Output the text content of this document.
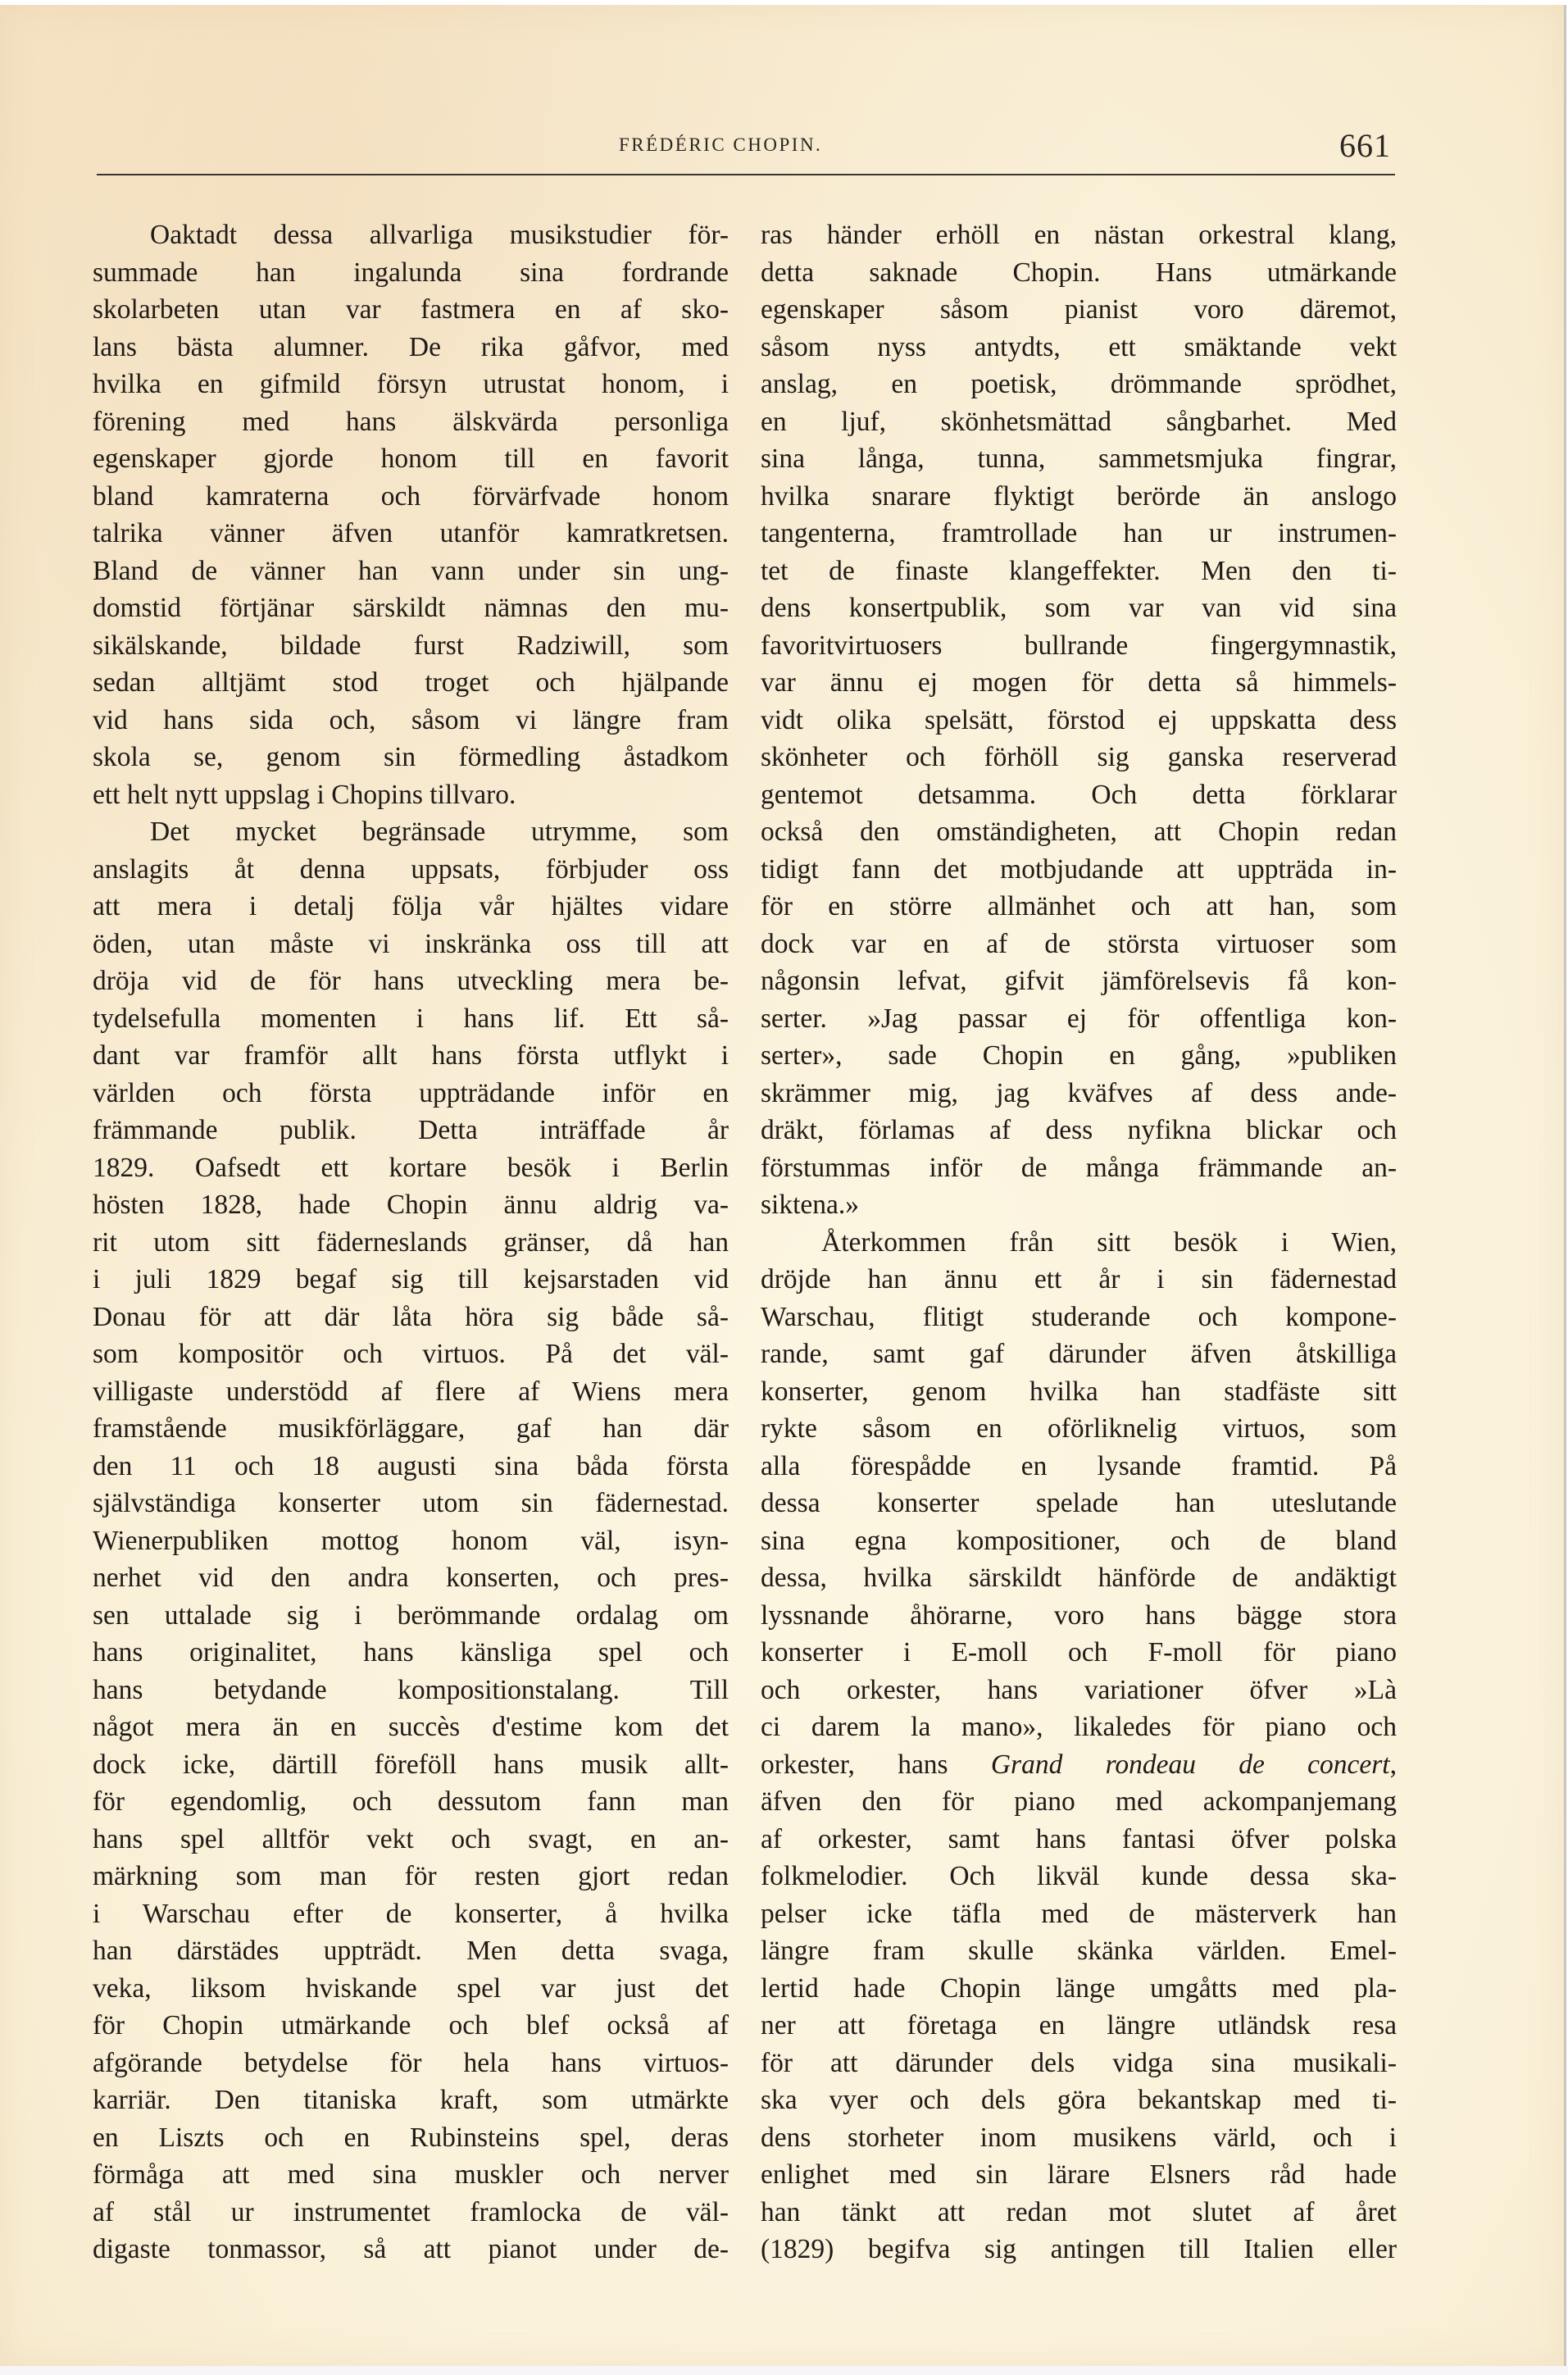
FRÉDÉRIC CHOPIN.	661
Oaktadt dessa allvarliga musikstudier för-
summade han ingalunda sina fordrande
skolarbeten utan var fastmera en af sko-
lans bästa alumner. De rika gåfvor, med
hvilka en gifmild försyn utrustat honom, i
förening med hans älskvärda personliga
egenskaper gjorde honom till en favorit
bland kamraterna och förvärfvade honom
talrika vänner äfven utanför kamratkretsen.
Bland de vänner han vann under sin ung-
domstid förtjänar särskildt nämnas den mu-
sikälskande, bildade furst Radziwill, som
sedan alltjämt stod troget och hjälpande
vid hans sida och, såsom vi längre fram
skola se, genom sin förmedling åstadkom
ett helt nytt uppslag i Chopins tillvaro.
Det mycket begränsade utrymme, som
anslagits åt denna uppsats, förbjuder oss
att mera i detalj följa vår hjältes vidare
öden, utan måste vi inskränka oss till att
dröja vid de för hans utveckling mera be-
tydelsefulla momenten i hans lif. Ett så-
dant var framför allt hans första utflykt i
världen och första uppträdande inför en
främmande publik. Detta inträffade år
1829. Oafsedt ett kortare besök i Berlin
hösten 1828, hade Chopin ännu aldrig va-
rit utom sitt fäderneslands gränser, då han
i juli 1829 begaf sig till kejsarstaden vid
Donau för att där låta höra sig både så-
som kompositör och virtuos. På det väl-
villigaste understödd af flere af Wiens mera
framstående musikförläggare, gaf han där
den 11 och 18 augusti sina båda första
självständiga konserter utom sin fädernestad.
Wienerpubliken mottog honom väl, isyn-
nerhet vid den andra konserten, och pres-
sen uttalade sig i berömmande ordalag om
hans originalitet, hans känsliga spel och
hans betydande kompositionstalang. Till
något mera än en succès d'estime kom det
dock icke, därtill föreföll hans musik allt-
för egendomlig, och dessutom fann man
hans spel alltför vekt och svagt, en an-
märkning som man för resten gjort redan
i Warschau efter de konserter, å hvilka
han därstädes uppträdt. Men detta svaga,
veka, liksom hviskande spel var just det
för Chopin utmärkande och blef också af
afgörande betydelse för hela hans virtuos-
karriär. Den titaniska kraft, som utmärkte
en Liszts och en Rubinsteins spel, deras
förmåga att med sina muskler och nerver
af stål ur instrumentet framlocka de väl-
digaste tonmassor, så att pianot under de-
ras händer erhöll en nästan orkestral klang,
detta saknade Chopin. Hans utmärkande
egenskaper såsom pianist voro däremot,
såsom nyss antydts, ett smäktande vekt
anslag, en poetisk, drömmande sprödhet,
en ljuf, skönhetsmättad sångbarhet. Med
sina långa, tunna, sammetsmjuka fingrar,
hvilka snarare flyktigt berörde än anslogo
tangenterna, framtrollade han ur instrumen-
tet de finaste klangeffekter. Men den ti-
dens konsertpublik, som var van vid sina
favoritvirtuosers bullrande fingergymnastik,
var ännu ej mogen för detta så himmels-
vidt olika spelsätt, förstod ej uppskatta dess
skönheter och förhöll sig ganska reserverad
gentemot detsamma. Och detta förklarar
också den omständigheten, att Chopin redan
tidigt fann det motbjudande att uppträda in-
för en större allmänhet och att han, som
dock var en af de största virtuoser som
någonsin lefvat, gifvit jämförelsevis få kon-
serter. »Jag passar ej för offentliga kon-
serter», sade Chopin en gång, »publiken
skrämmer mig, jag kväfves af dess ande-
dräkt, förlamas af dess nyfikna blickar och
förstummas inför de många främmande an-
siktena.»
Återkommen från sitt besök i Wien,
dröjde han ännu ett år i sin fädernestad
Warschau, flitigt studerande och kompone-
rande, samt gaf därunder äfven åtskilliga
konserter, genom hvilka han stadfäste sitt
rykte såsom en oförliknelig virtuos, som
alla förespådde en lysande framtid. På
dessa konserter spelade han uteslutande
sina egna kompositioner, och de bland
dessa, hvilka särskildt hänförde de andäktigt
lyssnande åhörarne, voro hans bägge stora
konserter i E-moll och F-moll för piano
och orkester, hans variationer öfver »Là
ci darem la mano», likaledes för piano och
orkester, hans Grand rondeau de concert,
äfven den för piano med ackompanjemang
af orkester, samt hans fantasi öfver polska
folkmelodier. Och likväl kunde dessa ska-
pelser icke täfla med de mästerverk han
längre fram skulle skänka världen. Emel-
lertid hade Chopin länge umgåtts med pla-
ner att företaga en längre utländsk resa
för att därunder dels vidga sina musikali-
ska vyer och dels göra bekantskap med ti-
dens storheter inom musikens värld, och i
enlighet med sin lärare Elsners råd hade
han tänkt att redan mot slutet af året
(1829) begifva sig antingen till Italien eller
